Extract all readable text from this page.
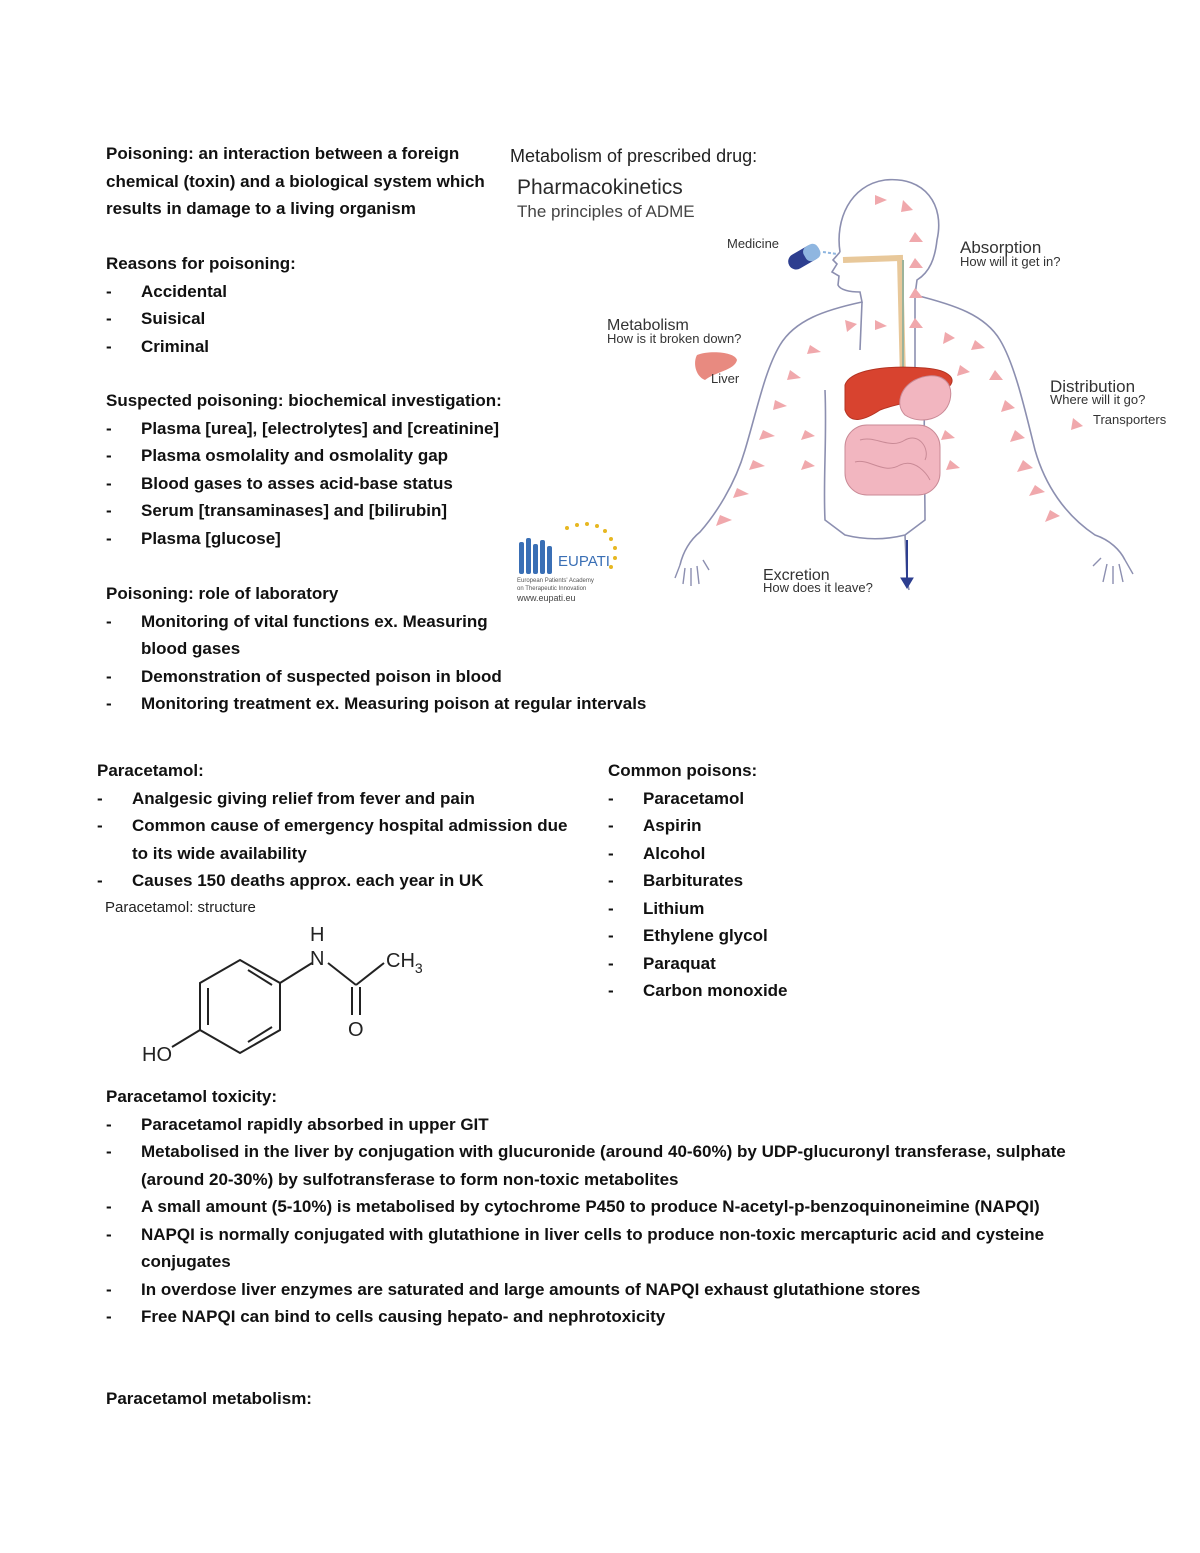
Poisoning: an interaction between a foreign
chemical (toxin) and a biological system which
results in damage to a living organism
Reasons for poisoning:
- Accidental
- Suisical
- Criminal
Suspected poisoning: biochemical investigation:
- Plasma [urea], [electrolytes] and [creatinine]
- Plasma osmolality and osmolality gap
- Blood gases to asses acid-base status
- Serum [transaminases] and [bilirubin]
- Plasma [glucose]
Poisoning: role of laboratory
- Monitoring of vital functions ex. Measuring blood gases
- Demonstration of suspected poison in blood
- Monitoring treatment ex. Measuring poison at regular intervals
Metabolism of prescribed drug:
Pharmacokinetics
The principles of ADME
Medicine	Absorption
How will it get in?
Metabolism
How is it broken down?
Liver	Distribution
Where will it go?
Transporters
Excretion
How does it leave?
EUPATI
European Patients' Academy
on Therapeutic Innovation
www.eupati.eu
Paracetamol:
- Analgesic giving relief from fever and pain
- Common cause of emergency hospital admission due to its wide availability
- Causes 150 deaths approx. each year in UK
Paracetamol: structure
H
N	$CH_3$
O
HO
Common poisons:
- Paracetamol
- Aspirin
- Alcohol
- Barbiturates
- Lithium
- Ethylene glycol
- Paraquat
- Carbon monoxide
Paracetamol toxicity:
- Paracetamol rapidly absorbed in upper GIT
- Metabolised in the liver by conjugation with glucuronide (around 40-60%) by UDP-glucuronyl transferase, sulphate (around 20-30%) by sulfotransferase to form non-toxic metabolites
- A small amount (5-10%) is metabolised by cytochrome P450 to produce N-acetyl-p-benzoquinoneimine (NAPQI)
- NAPQI is normally conjugated with glutathione in liver cells to produce non-toxic mercapturic acid and cysteine conjugates
- In overdose liver enzymes are saturated and large amounts of NAPQI exhaust glutathione stores
- Free NAPQI can bind to cells causing hepato- and nephrotoxicity
Paracetamol metabolism:
